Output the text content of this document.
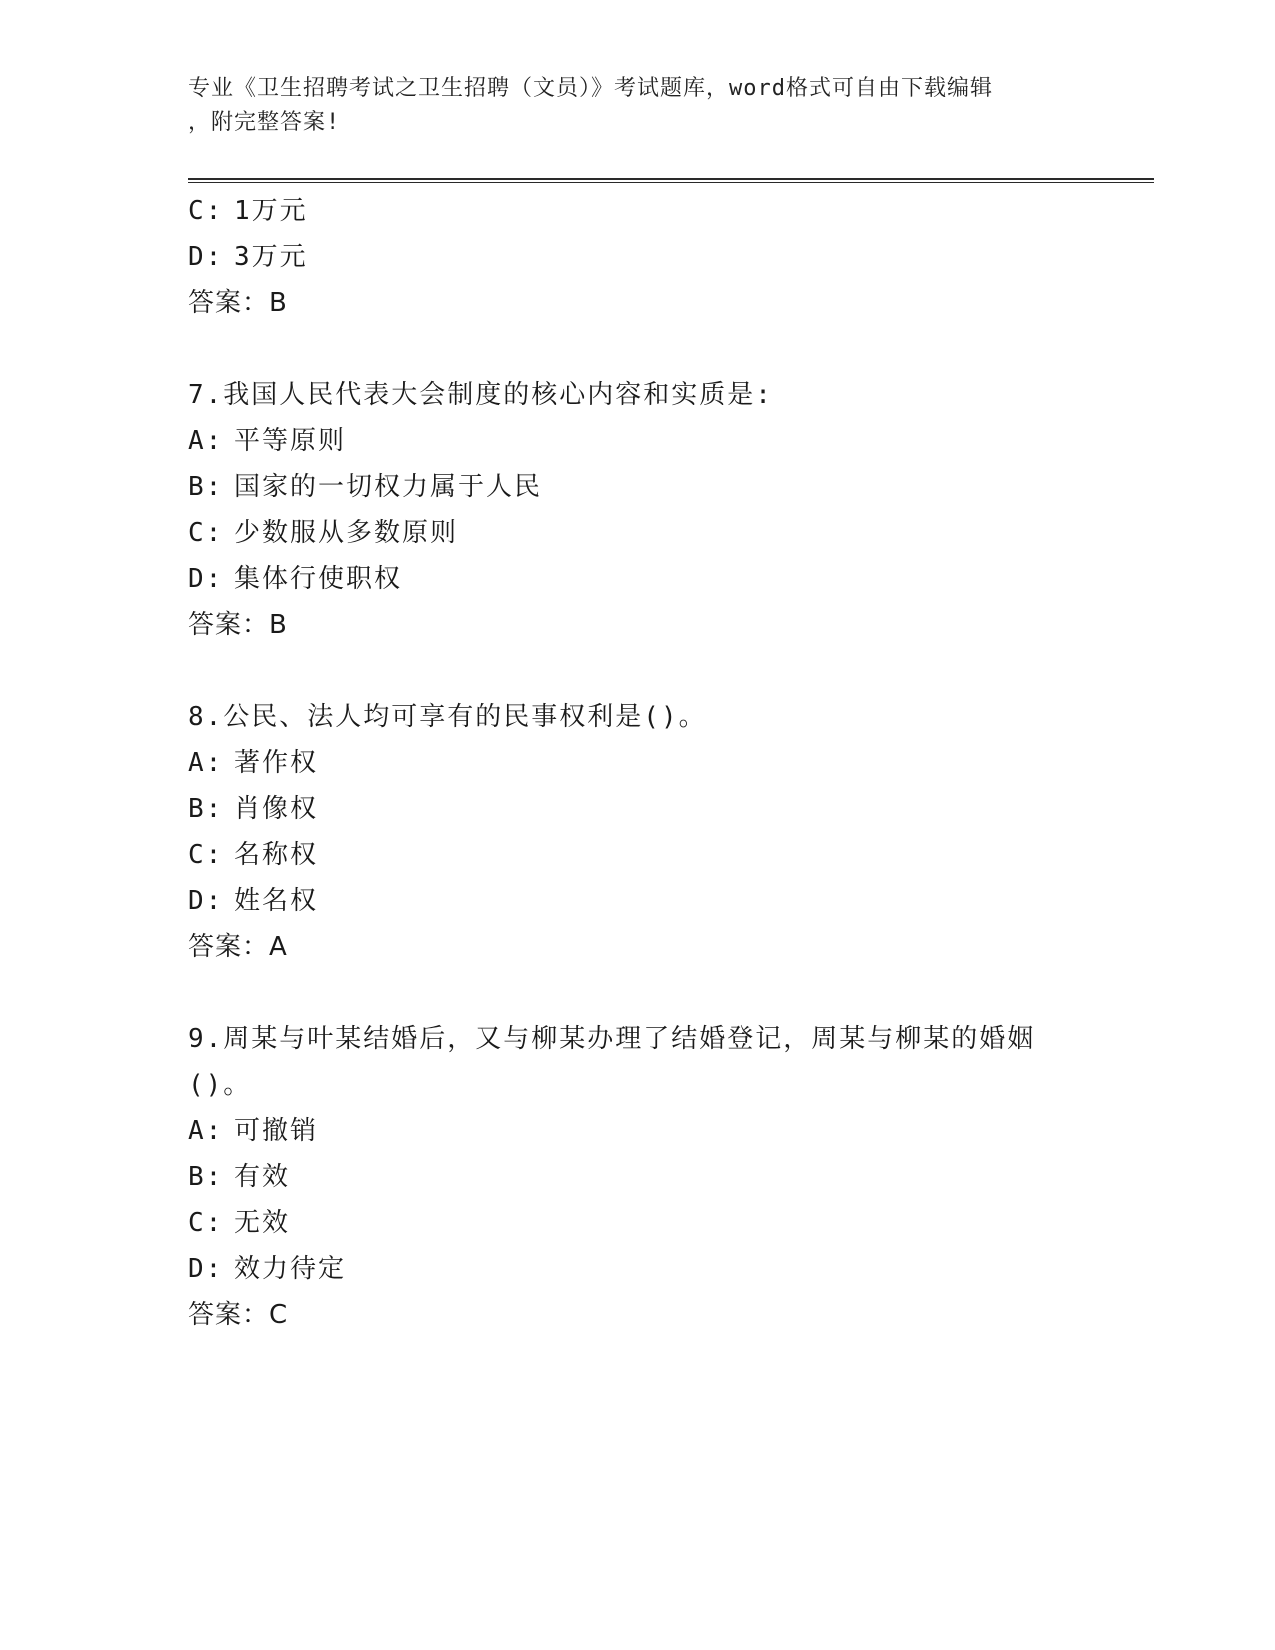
专业《卫生招聘考试之卫生招聘（文员）》考试题库，word格式可自由下载编辑
，附完整答案!
C: 1万元
D: 3万元
答案：B
7.我国人民代表大会制度的核心内容和实质是:
A: 平等原则
B: 国家的一切权力属于人民
C: 少数服从多数原则
D: 集体行使职权
答案：B
8.公民、法人均可享有的民事权利是()。
A: 著作权
B: 肖像权
C: 名称权
D: 姓名权
答案：A
9.周某与叶某结婚后，又与柳某办理了结婚登记，周某与柳某的婚姻
()。
A: 可撤销
B: 有效
C: 无效
D: 效力待定
答案：C
